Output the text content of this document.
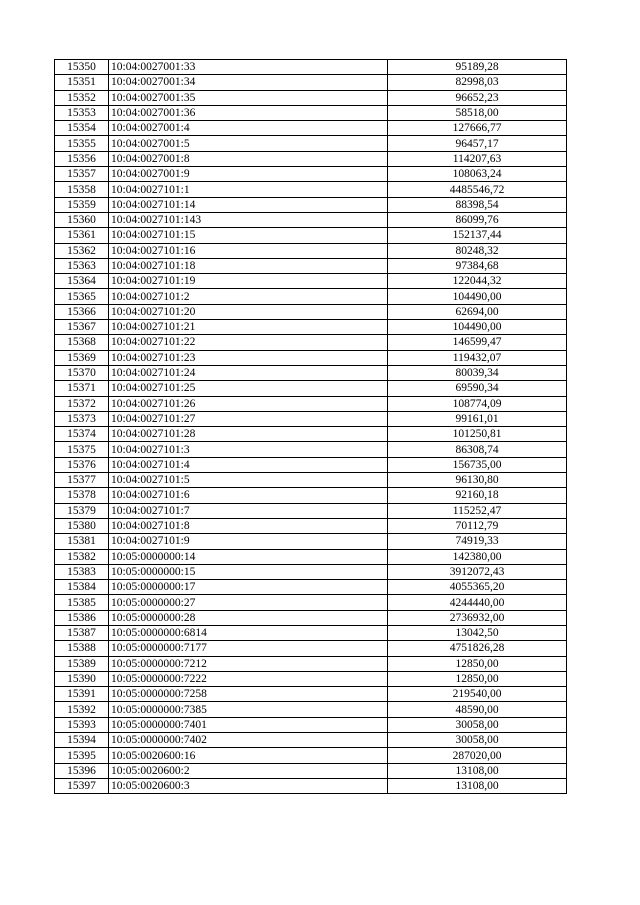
15350	10:04:0027001:33	95189,28
15351	10:04:0027001:34	82998,03
15352	10:04:0027001:35	96652,23
15353	10:04:0027001:36	58518,00
15354	10:04:0027001:4	127666,77
15355	10:04:0027001:5	96457,17
15356	10:04:0027001:8	114207,63
15357	10:04:0027001:9	108063,24
15358	10:04:0027101:1	4485546,72
15359	10:04:0027101:14	88398,54
15360	10:04:0027101:143	86099,76
15361	10:04:0027101:15	152137,44
15362	10:04:0027101:16	80248,32
15363	10:04:0027101:18	97384,68
15364	10:04:0027101:19	122044,32
15365	10:04:0027101:2	104490,00
15366	10:04:0027101:20	62694,00
15367	10:04:0027101:21	104490,00
15368	10:04:0027101:22	146599,47
15369	10:04:0027101:23	119432,07
15370	10:04:0027101:24	80039,34
15371	10:04:0027101:25	69590,34
15372	10:04:0027101:26	108774,09
15373	10:04:0027101:27	99161,01
15374	10:04:0027101:28	101250,81
15375	10:04:0027101:3	86308,74
15376	10:04:0027101:4	156735,00
15377	10:04:0027101:5	96130,80
15378	10:04:0027101:6	92160,18
15379	10:04:0027101:7	115252,47
15380	10:04:0027101:8	70112,79
15381	10:04:0027101:9	74919,33
15382	10:05:0000000:14	142380,00
15383	10:05:0000000:15	3912072,43
15384	10:05:0000000:17	4055365,20
15385	10:05:0000000:27	4244440,00
15386	10:05:0000000:28	2736932,00
15387	10:05:0000000:6814	13042,50
15388	10:05:0000000:7177	4751826,28
15389	10:05:0000000:7212	12850,00
15390	10:05:0000000:7222	12850,00
15391	10:05:0000000:7258	219540,00
15392	10:05:0000000:7385	48590,00
15393	10:05:0000000:7401	30058,00
15394	10:05:0000000:7402	30058,00
15395	10:05:0020600:16	287020,00
15396	10:05:0020600:2	13108,00
15397	10:05:0020600:3	13108,00
